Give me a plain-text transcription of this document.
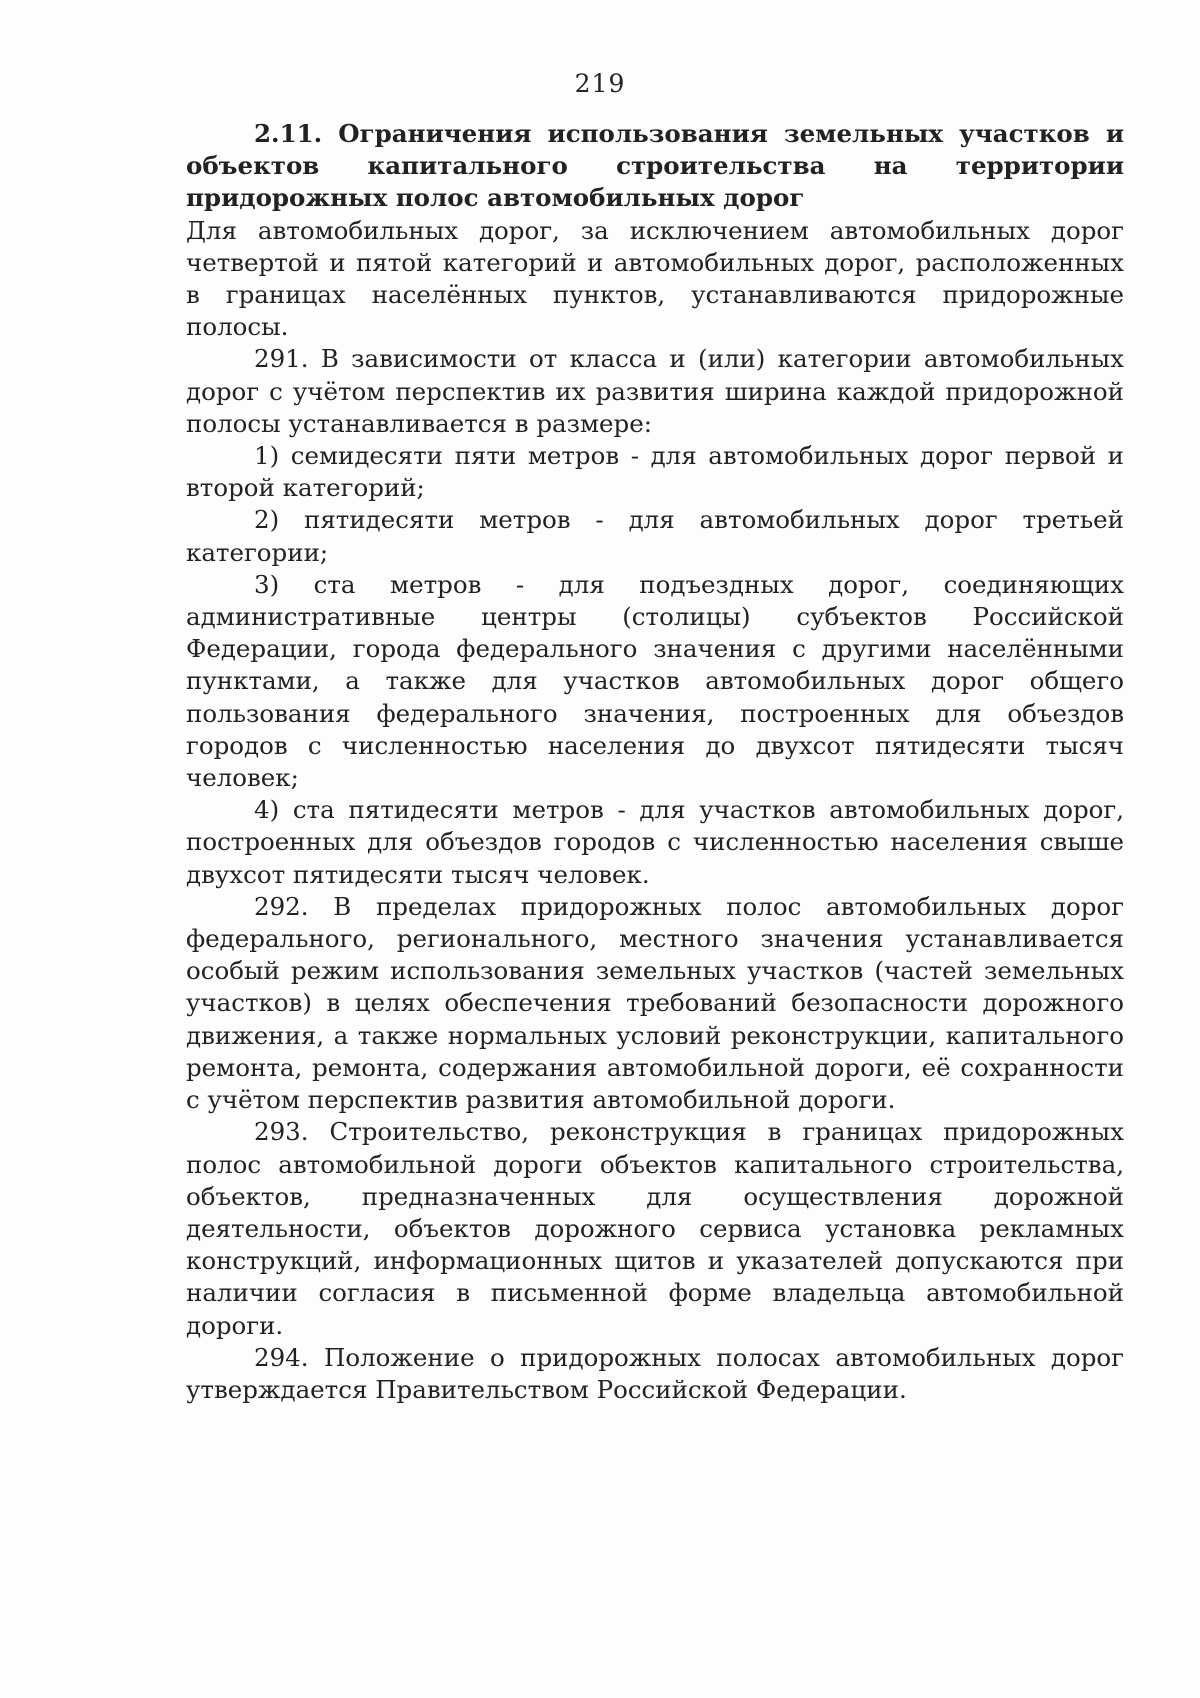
219

2.11. Ограничения использования земельных участков и объектов капитального строительства на территории придорожных полос автомобильных дорог

Для автомобильных дорог, за исключением автомобильных дорог четвертой и пятой категорий и автомобильных дорог, расположенных в границах населённых пунктов, устанавливаются придорожные полосы.

291. В зависимости от класса и (или) категории автомобильных дорог с учётом перспектив их развития ширина каждой придорожной полосы устанавливается в размере:

1) семидесяти пяти метров - для автомобильных дорог первой и второй категорий;

2) пятидесяти метров - для автомобильных дорог третьей категории;

3) ста метров - для подъездных дорог, соединяющих административные центры (столицы) субъектов Российской Федерации, города федерального значения с другими населёнными пунктами, а также для участков автомобильных дорог общего пользования федерального значения, построенных для объездов городов с численностью населения до двухсот пятидесяти тысяч человек;

4) ста пятидесяти метров - для участков автомобильных дорог, построенных для объездов городов с численностью населения свыше двухсот пятидесяти тысяч человек.

292. В пределах придорожных полос автомобильных дорог федерального, регионального, местного значения устанавливается особый режим использования земельных участков (частей земельных участков) в целях обеспечения требований безопасности дорожного движения, а также нормальных условий реконструкции, капитального ремонта, ремонта, содержания автомобильной дороги, её сохранности с учётом перспектив развития автомобильной дороги.

293. Строительство, реконструкция в границах придорожных полос автомобильной дороги объектов капитального строительства, объектов, предназначенных для осуществления дорожной деятельности, объектов дорожного сервиса установка рекламных конструкций, информационных щитов и указателей допускаются при наличии согласия в письменной форме владельца автомобильной дороги.

294. Положение о придорожных полосах автомобильных дорог утверждается Правительством Российской Федерации.
